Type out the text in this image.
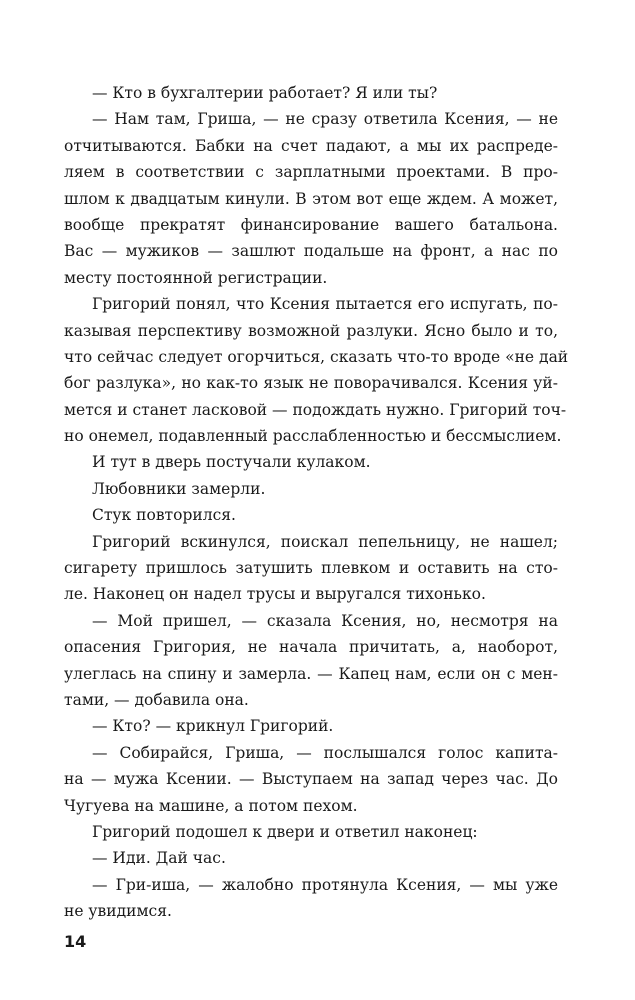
— Кто в бухгалтерии работает? Я или ты?
— Нам там, Гриша, — не сразу ответила Ксения, — не
отчитываются. Бабки на счет падают, а мы их распреде-
ляем в соответствии с зарплатными проектами. В про-
шлом к двадцатым кинули. В этом вот еще ждем. А может,
вообще прекратят финансирование вашего батальона.
Вас — мужиков — зашлют подальше на фронт, а нас по
месту постоянной регистрации.
Григорий понял, что Ксения пытается его испугать, по-
казывая перспективу возможной разлуки. Ясно было и то,
что сейчас следует огорчиться, сказать что-то вроде «не дай
бог разлука», но как-то язык не поворачивался. Ксения уй-
мется и станет ласковой — подождать нужно. Григорий точ-
но онемел, подавленный расслабленностью и бессмыслием.
И тут в дверь постучали кулаком.
Любовники замерли.
Стук повторился.
Григорий вскинулся, поискал пепельницу, не нашел;
сигарету пришлось затушить плевком и оставить на сто-
ле. Наконец он надел трусы и выругался тихонько.
— Мой пришел, — сказала Ксения, но, несмотря на
опасения Григория, не начала причитать, а, наоборот,
улеглась на спину и замерла. — Капец нам, если он с мен-
тами, — добавила она.
— Кто? — крикнул Григорий.
— Собирайся, Гриша, — послышался голос капита-
на — мужа Ксении. — Выступаем на запад через час. До
Чугуева на машине, а потом пехом.
Григорий подошел к двери и ответил наконец:
— Иди. Дай час.
— Гри-иша, — жалобно протянула Ксения, — мы уже
не увидимся.
14
